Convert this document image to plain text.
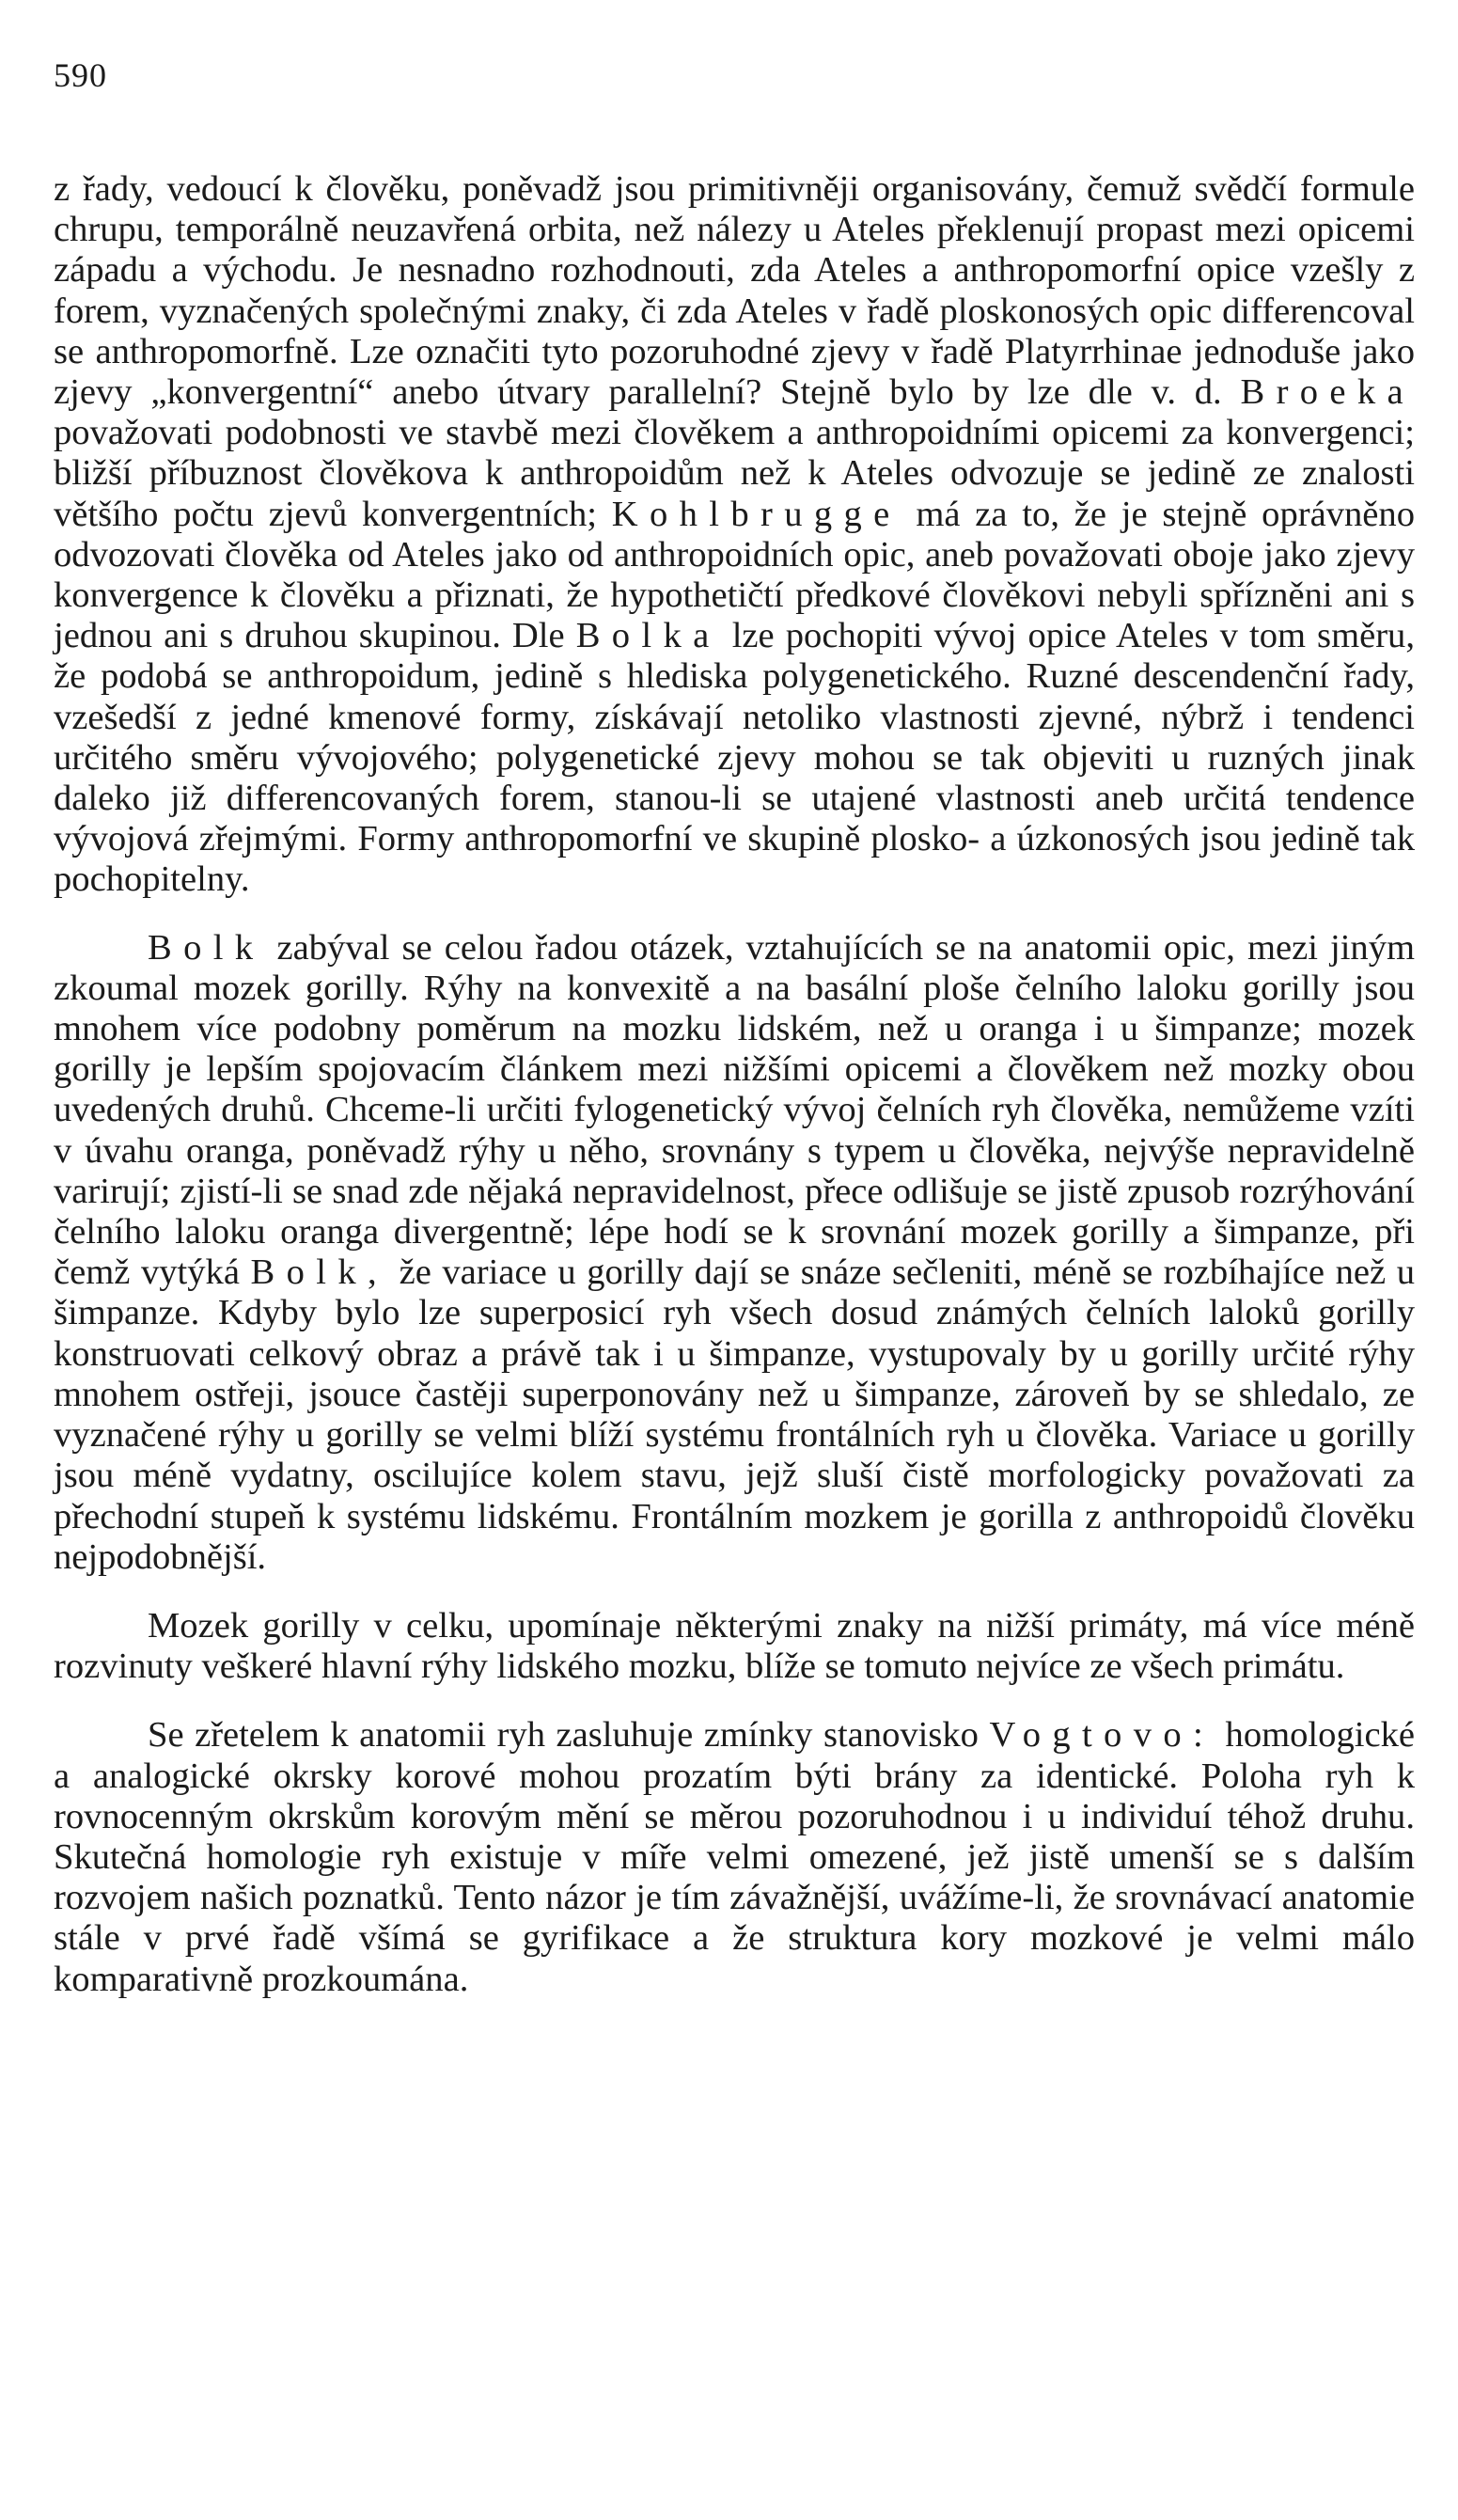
590

z řady, vedoucí k člověku, poněvadž jsou primitivněji organisovány, čemuž svědčí formule chrupu, temporálně neuzavřená orbita, než nálezy u Ateles překlenují propast mezi opicemi západu a východu. Je nesnadno rozhodnouti, zda Ateles a anthropomorfní opice vzešly z forem, vyznačených společnými znaky, či zda Ateles v řadě ploskonosých opic differencoval se anthropomorfně. Lze označiti tyto pozoruhodné zjevy v řadě Platyrrhinae jednoduše jako zjevy „konvergentní“ anebo útvary parallelní? Stejně bylo by lze dle v. d. Broeka považovati podobnosti ve stavbě mezi člověkem a anthropoidními opicemi za konvergenci; bližší příbuznost člověkova k anthropoidům než k Ateles odvozuje se jedině ze znalosti většího počtu zjevů konvergentních; Kohlbrugge má za to, že je stejně oprávněno odvozovati člověka od Ateles jako od anthropoidních opic, aneb považovati oboje jako zjevy konvergence k člověku a přiznati, že hypothetičtí předkové člověkovi nebyli spřízněni ani s jednou ani s druhou skupinou. Dle Bolka lze pochopiti vývoj opice Ateles v tom směru, že podobá se anthropoidum, jedině s hlediska polygenetického. Ruzné descendenční řady, vzešedší z jedné kmenové formy, získávají netoliko vlastnosti zjevné, nýbrž i tendenci určitého směru vývojového; polygenetické zjevy mohou se tak objeviti u ruzných jinak daleko již differencovaných forem, stanou-li se utajené vlastnosti aneb určitá tendence vývojová zřejmými. Formy anthropomorfní ve skupině plosko- a úzkonosých jsou jedině tak pochopitelny.

Bolk zabýval se celou řadou otázek, vztahujících se na anatomii opic, mezi jiným zkoumal mozek gorilly. Rýhy na konvexitě a na basální ploše čelního laloku gorilly jsou mnohem více podobny poměrum na mozku lidském, než u oranga i u šimpanze; mozek gorilly je lepším spojovacím článkem mezi nižšími opicemi a člověkem než mozky obou uvedených druhů. Chceme-li určiti fylogenetický vývoj čelních ryh člověka, nemůžeme vzíti v úvahu oranga, poněvadž rýhy u něho, srovnány s typem u člověka, nejvýše nepravidelně varirují; zjistí-li se snad zde nějaká nepravidelnost, přece odlišuje se jistě zpusob rozrýhování čelního laloku oranga divergentně; lépe hodí se k srovnání mozek gorilly a šimpanze, při čemž vytýká Bolk, že variace u gorilly dají se snáze sečleniti, méně se rozbíhajíce než u šimpanze. Kdyby bylo lze superposicí ryh všech dosud známých čelních laloků gorilly konstruovati celkový obraz a právě tak i u šimpanze, vystupovaly by u gorilly určité rýhy mnohem ostřeji, jsouce častěji superponovány než u šimpanze, zároveň by se shledalo, ze vyznačené rýhy u gorilly se velmi blíží systému frontálních ryh u člověka. Variace u gorilly jsou méně vydatny, oscilujíce kolem stavu, jejž sluší čistě morfologicky považovati za přechodní stupeň k systému lidskému. Frontálním mozkem je gorilla z anthropoidů člověku nejpodobnější.

Mozek gorilly v celku, upomínaje některými znaky na nižší primáty, má více méně rozvinuty veškeré hlavní rýhy lidského mozku, blíže se tomuto nejvíce ze všech primátu.

Se zřetelem k anatomii ryh zasluhuje zmínky stanovisko Vogtovo: homologické a analogické okrsky korové mohou prozatím býti brány za identické. Poloha ryh k rovnocenným okrskům korovým mění se měrou pozoruhodnou i u individuí téhož druhu. Skutečná homologie ryh existuje v míře velmi omezené, jež jistě umenší se s dalším rozvojem našich poznatků. Tento názor je tím závažnější, uvážíme-li, že srovnávací anatomie stále v prvé řadě všímá se gyrifikace a že struktura kory mozkové je velmi málo komparativně prozkoumána.
